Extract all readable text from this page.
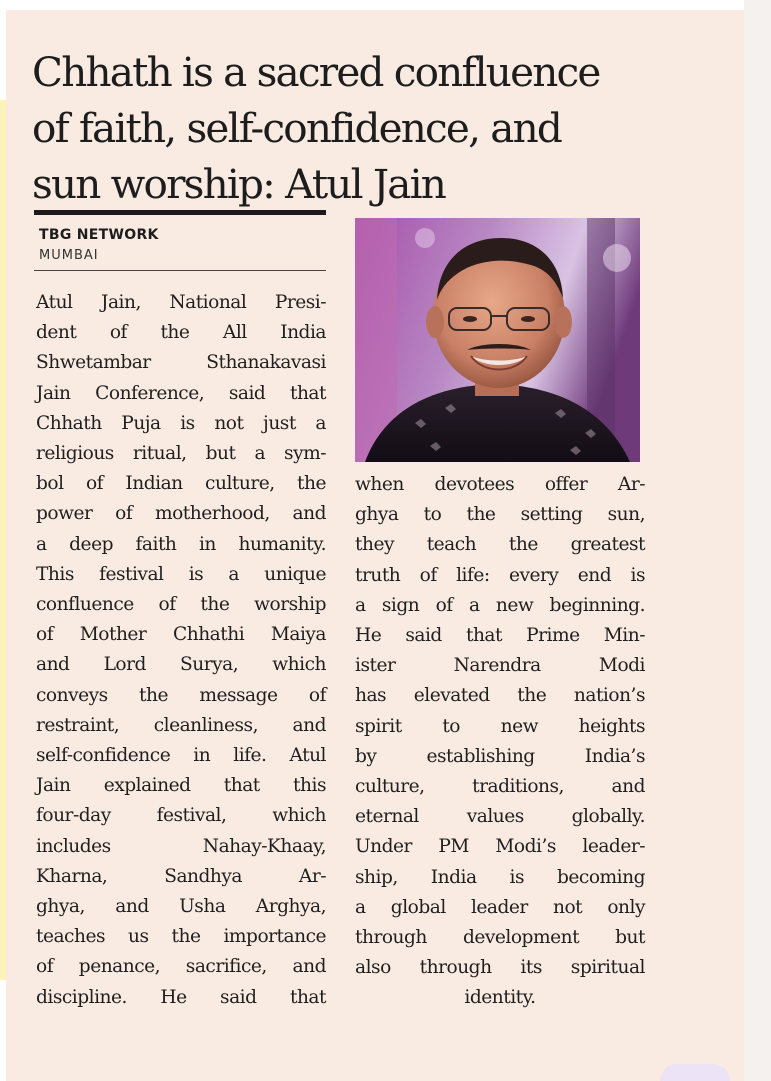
Chhath is a sacred confluence
of faith, self-confidence, and
sun worship: Atul Jain
TBG NETWORK
MUMBAI
Atul Jain, National Presi-
dent of the All India
Shwetambar Sthanakavasi
Jain Conference, said that
Chhath Puja is not just a
religious ritual, but a sym-
bol of Indian culture, the
power of motherhood, and
a deep faith in humanity.
This festival is a unique
confluence of the worship
of Mother Chhathi Maiya
and Lord Surya, which
conveys the message of
restraint, cleanliness, and
self-confidence in life. Atul
Jain explained that this
four-day festival, which
includes Nahay-Khaay,
Kharna, Sandhya Ar-
ghya, and Usha Arghya,
teaches us the importance
of penance, sacrifice, and
discipline. He said that
when devotees offer Ar-
ghya to the setting sun,
they teach the greatest
truth of life: every end is
a sign of a new beginning.
He said that Prime Min-
ister Narendra Modi
has elevated the nation’s
spirit to new heights
by establishing India’s
culture, traditions, and
eternal values globally.
Under PM Modi’s leader-
ship, India is becoming
a global leader not only
through development but
also through its spiritual
identity.
